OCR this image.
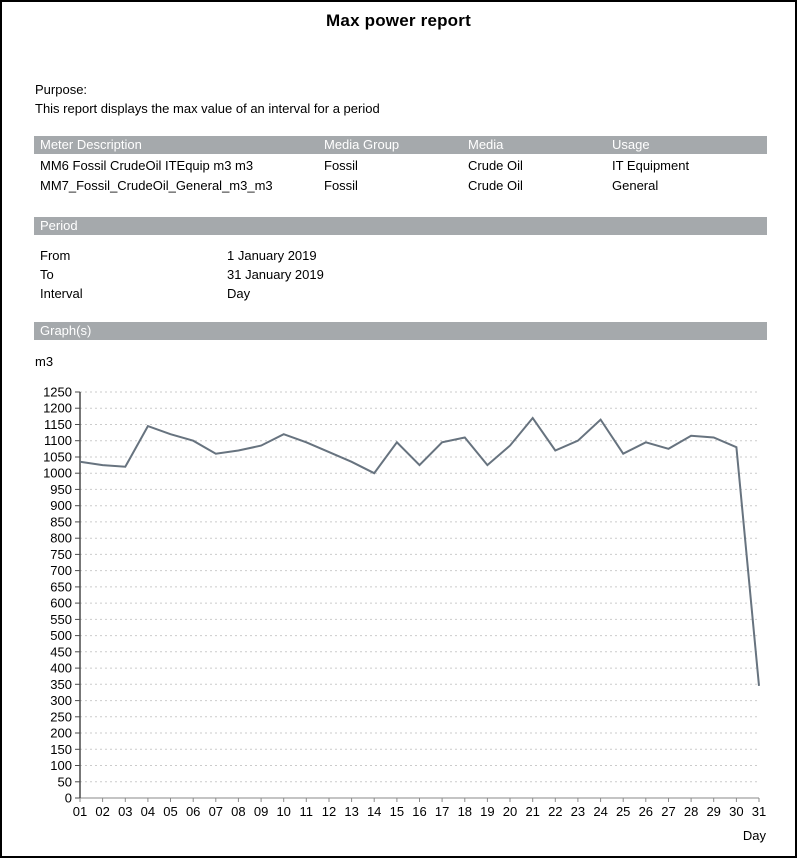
Max power report
Purpose:
This report displays the max value of an interval for a period
Meter Description	Media Group	Media	Usage
MM6 Fossil CrudeOil ITEquip m3 m3	Fossil	Crude Oil	IT Equipment
MM7_Fossil_CrudeOil_General_m3_m3	Fossil	Crude Oil	General
Period
From	1 January 2019
To	31 January 2019
Interval	Day
Graph(s)
m3
0
50
100
150
200
250
300
350
400
450
500
550
600
650
700
750
800
850
900
950
1000
1050
1100
1150
1200
1250
01 02 03 04 05 06 07 08 09 10 11 12 13 14 15 16 17 18 19 20 21 22 23 24 25 26 27 28 29 30 31
Day
